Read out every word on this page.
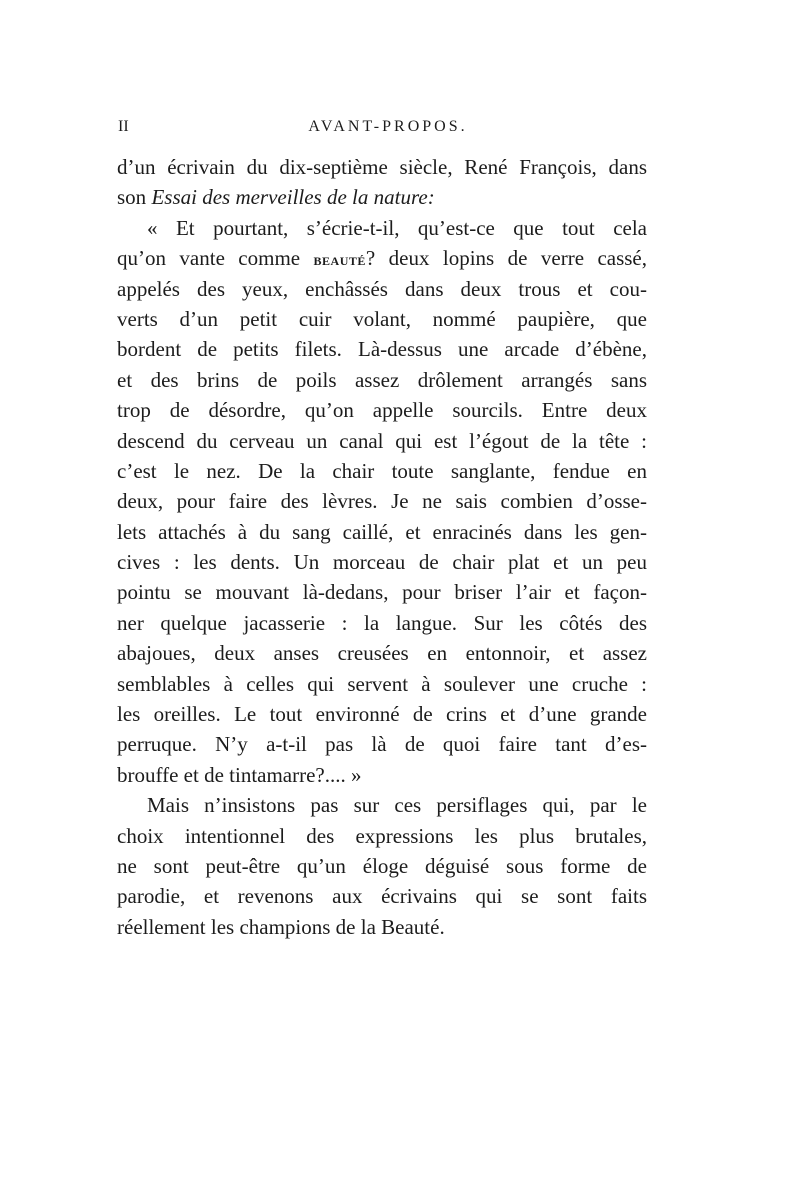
II	AVANT-PROPOS.
d’un écrivain du dix-septième siècle, René François, dans
son Essai des merveilles de la nature:
« Et pourtant, s’écrie-t-il, qu’est-ce que tout cela
qu’on vante comme beauté? deux lopins de verre cassé,
appelés des yeux, enchâssés dans deux trous et cou-
verts d’un petit cuir volant, nommé paupière, que
bordent de petits filets. Là-dessus une arcade d’ébène,
et des brins de poils assez drôlement arrangés sans
trop de désordre, qu’on appelle sourcils. Entre deux
descend du cerveau un canal qui est l’égout de la tête :
c’est le nez. De la chair toute sanglante, fendue en
deux, pour faire des lèvres. Je ne sais combien d’osse-
lets attachés à du sang caillé, et enracinés dans les gen-
cives : les dents. Un morceau de chair plat et un peu
pointu se mouvant là-dedans, pour briser l’air et façon-
ner quelque jacasserie : la langue. Sur les côtés des
abajoues, deux anses creusées en entonnoir, et assez
semblables à celles qui servent à soulever une cruche :
les oreilles. Le tout environné de crins et d’une grande
perruque. N’y a-t-il pas là de quoi faire tant d’es-
brouffe et de tintamarre?.... »
Mais n’insistons pas sur ces persiflages qui, par le
choix intentionnel des expressions les plus brutales,
ne sont peut-être qu’un éloge déguisé sous forme de
parodie, et revenons aux écrivains qui se sont faits
réellement les champions de la Beauté.
